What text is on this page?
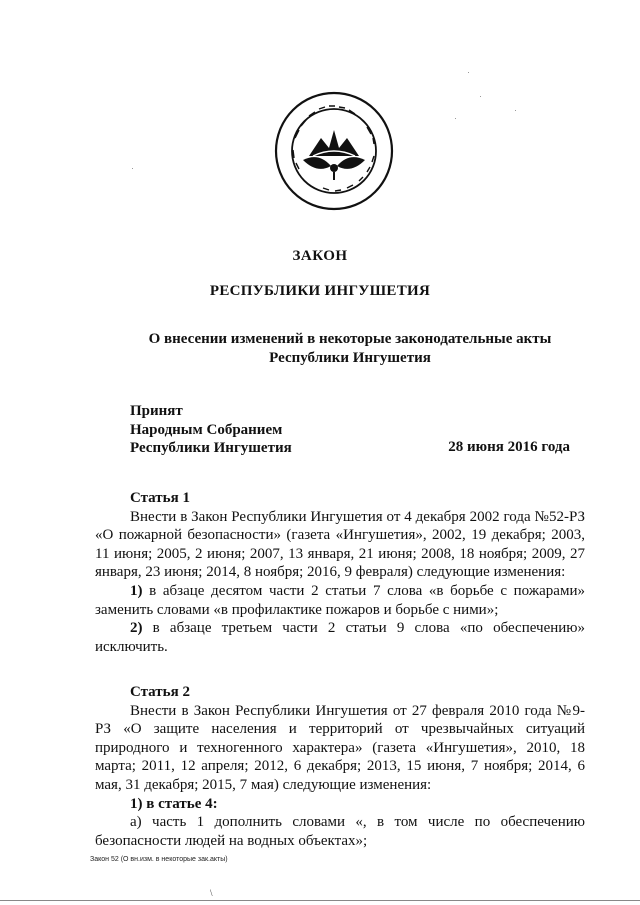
ЗАКОН
РЕСПУБЛИКИ ИНГУШЕТИЯ
О внесении изменений в некоторые законодательные акты
Республики Ингушетия
Принят
Народным Собранием
Республики Ингушетия	28 июня 2016 года
Статья 1

Внести в Закон Республики Ингушетия от 4 декабря 2002 года №52-РЗ «О пожарной безопасности» (газета «Ингушетия», 2002, 19 декабря; 2003, 11 июня; 2005, 2 июня; 2007, 13 января, 21 июня; 2008, 18 ноября; 2009, 27 января, 23 июня; 2014, 8 ноября; 2016, 9 февраля) следующие изменения:

1) в абзаце десятом части 2 статьи 7 слова «в борьбе с пожарами» заменить словами «в профилактике пожаров и борьбе с ними»;

2) в абзаце третьем части 2 статьи 9 слова «по обеспечению» исключить.

Статья 2

Внести в Закон Республики Ингушетия от 27 февраля 2010 года №9-РЗ «О защите населения и территорий от чрезвычайных ситуаций природного и техногенного характера» (газета «Ингушетия», 2010, 18 марта; 2011, 12 апреля; 2012, 6 декабря; 2013, 15 июня, 7 ноября; 2014, 6 мая, 31 декабря; 2015, 7 мая) следующие изменения:

1) в статье 4:

а) часть 1 дополнить словами «, в том числе по обеспечению безопасности людей на водных объектах»;

Закон 52 (О вн.изм. в некоторые зак.акты)
\
